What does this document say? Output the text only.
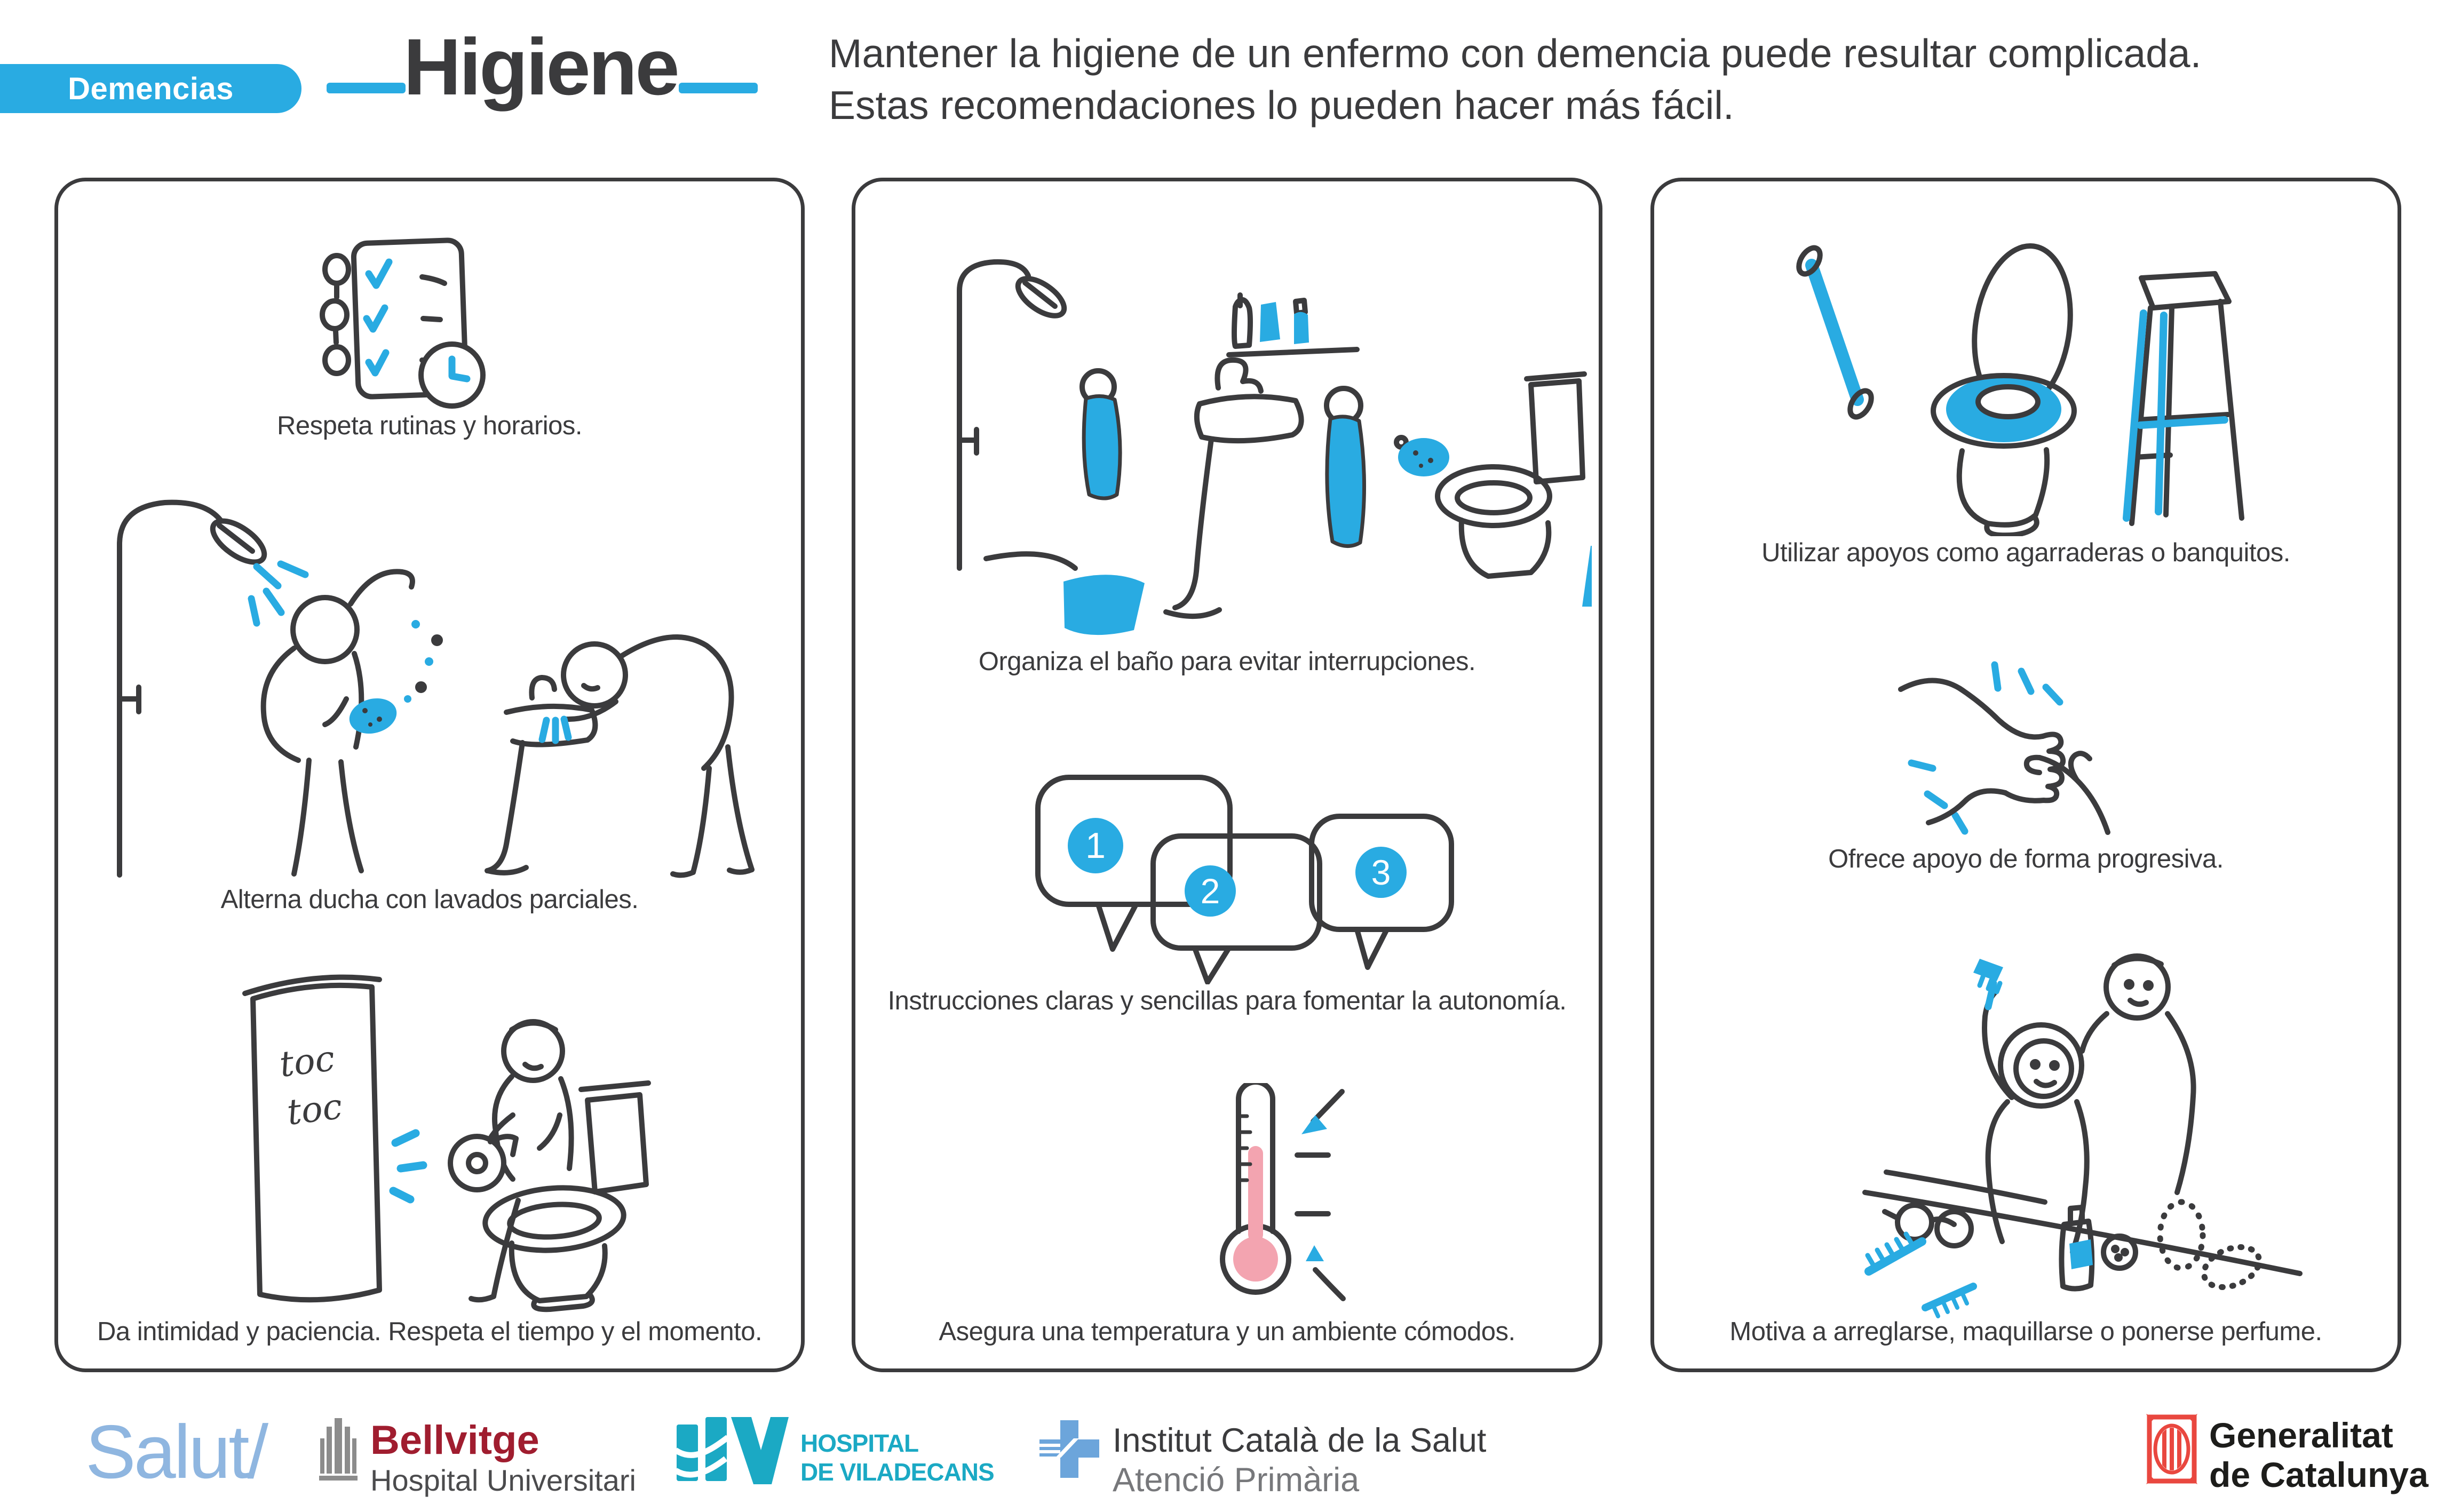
Demencias Higiene	Mantener la higiene de un enfermo con demencia puede resultar complicada.
Estas recomendaciones lo pueden hacer más fácil.
Respeta rutinas y horarios.
Alterna ducha con lavados parciales.
toc
toc
Da intimidad y paciencia. Respeta el tiempo y el momento.
Organiza el baño para evitar interrupciones.
1
2	3
Instrucciones claras y sencillas para fomentar la autonomía.
Asegura una temperatura y un ambiente cómodos.
Utilizar apoyos como agarraderas o banquitos.
Ofrece apoyo de forma progresiva.
Motiva a arreglarse, maquillarse o ponerse perfume.
Salut/	Bellvitge
Hospital Universitari
HOSPITAL
DE VILADECANS
Institut Català de la Salut
Atenció Primària
Generalitat
de Catalunya
